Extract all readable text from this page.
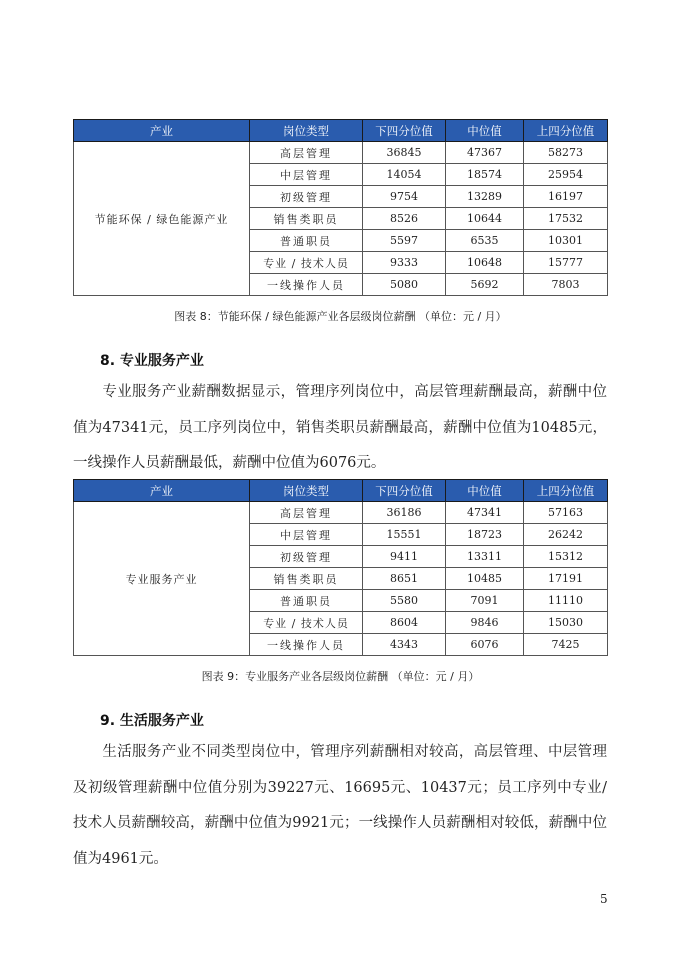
产业	岗位类型	下四分位值	中位值	上四分位值
节能环保 / 绿色能源产业	高层管理	36845	47367	58273
	中层管理	14054	18574	25954
	初级管理	9754	13289	16197
	销售类职员	8526	10644	17532
	普通职员	5597	6535	10301
	专业 / 技术人员	9333	10648	15777
	一线操作人员	5080	5692	7803
图表 8：节能环保 / 绿色能源产业各层级岗位薪酬 （单位：元 / 月）
8. 专业服务产业
专业服务产业薪酬数据显示，管理序列岗位中，高层管理薪酬最高，薪酬中位值为47341元，员工序列岗位中，销售类职员薪酬最高，薪酬中位值为10485元，一线操作人员薪酬最低，薪酬中位值为6076元。
产业	岗位类型	下四分位值	中位值	上四分位值
专业服务产业	高层管理	36186	47341	57163
	中层管理	15551	18723	26242
	初级管理	9411	13311	15312
	销售类职员	8651	10485	17191
	普通职员	5580	7091	11110
	专业 / 技术人员	8604	9846	15030
	一线操作人员	4343	6076	7425
图表 9：专业服务产业各层级岗位薪酬 （单位：元 / 月）
9. 生活服务产业
生活服务产业不同类型岗位中，管理序列薪酬相对较高，高层管理、中层管理及初级管理薪酬中位值分别为39227元、16695元、10437元；员工序列中专业/技术人员薪酬较高，薪酬中位值为9921元；一线操作人员薪酬相对较低，薪酬中位值为4961元。
5
